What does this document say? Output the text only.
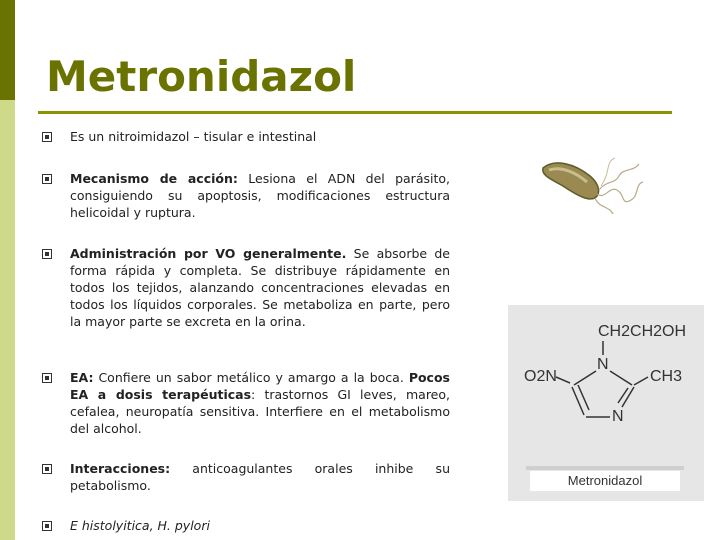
Metronidazol
Es un nitroimidazol – tisular e intestinal
Mecanismo de acción: Lesiona el ADN del parásito, consiguiendo su apoptosis, modificaciones estructura helicoidal y ruptura.
Administración por VO generalmente. Se absorbe de forma rápida y completa. Se distribuye rápidamente en todos los tejidos, alanzando concentraciones elevadas en todos los líquidos corporales. Se metaboliza en parte, pero la mayor parte se excreta en la orina.
EA: Confiere un sabor metálico y amargo a la boca. Pocos EA a dosis terapéuticas: trastornos GI leves, mareo, cefalea, neuropatía sensitiva. Interfiere en el metabolismo del alcohol.
Interacciones: anticoagulantes orales inhibe su petabolismo.
E histolyitica, H. pylori
CH2CH2OH
N
O2N	CH3
N
Metronidazol
